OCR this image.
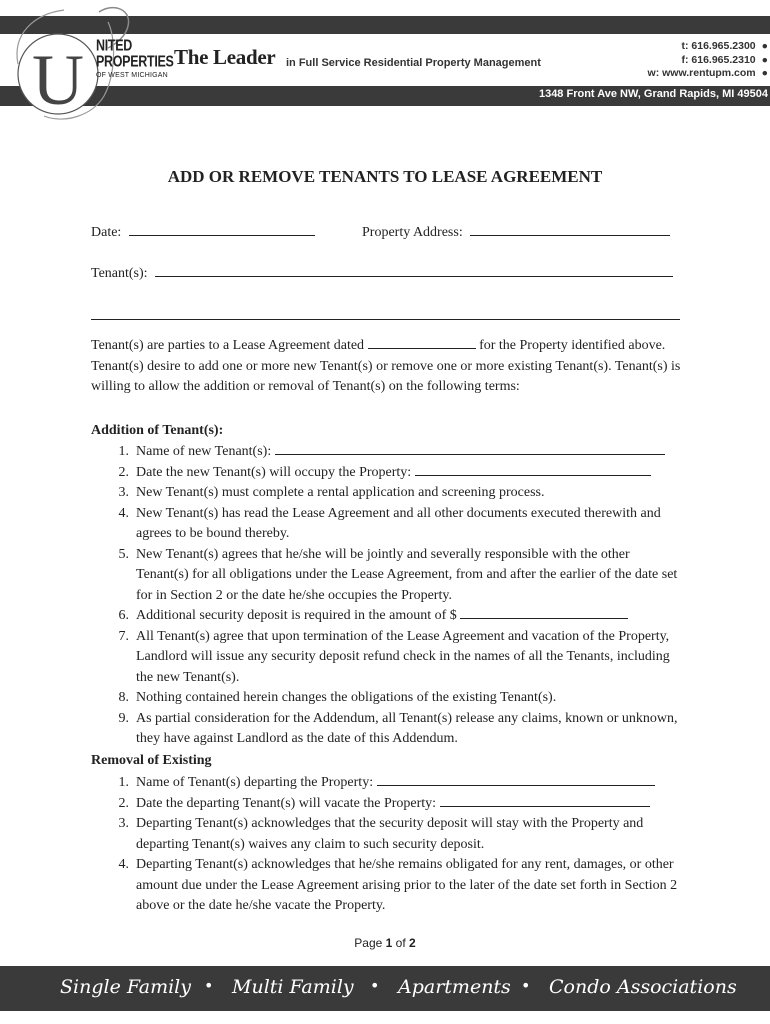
1348 Front Ave NW, Grand Rapids, MI 49504
U NITED
PROPERTIES
OF WEST MICHIGAN
The Leader in Full Service Residential Property Management
t: 616.965.2300 ●
f: 616.965.2310 ●
w: www.rentupm.com ●
ADD OR REMOVE TENANTS TO LEASE AGREEMENT
Date:	Property Address:
Tenant(s):

Tenant(s) are parties to a Lease Agreement dated	for the Property identified above. Tenant(s) desire to add one or more new Tenant(s) or remove one or more existing Tenant(s). Tenant(s) is willing to allow the addition or removal of Tenant(s) on the following terms:

Addition of Tenant(s):
1. Name of new Tenant(s):
2. Date the new Tenant(s) will occupy the Property:
3. New Tenant(s) must complete a rental application and screening process.
4. New Tenant(s) has read the Lease Agreement and all other documents executed therewith and agrees to be bound thereby.
5. New Tenant(s) agrees that he/she will be jointly and severally responsible with the other Tenant(s) for all obligations under the Lease Agreement, from and after the earlier of the date set for in Section 2 or the date he/she occupies the Property.
6. Additional security deposit is required in the amount of $
7. All Tenant(s) agree that upon termination of the Lease Agreement and vacation of the Property, Landlord will issue any security deposit refund check in the names of all the Tenants, including the new Tenant(s).
8. Nothing contained herein changes the obligations of the existing Tenant(s).
9. As partial consideration for the Addendum, all Tenant(s) release any claims, known or unknown, they have against Landlord as the date of this Addendum.
Removal of Existing
1. Name of Tenant(s) departing the Property:
2. Date the departing Tenant(s) will vacate the Property:
3. Departing Tenant(s) acknowledges that the security deposit will stay with the Property and departing Tenant(s) waives any claim to such security deposit.
4. Departing Tenant(s) acknowledges that he/she remains obligated for any rent, damages, or other amount due under the Lease Agreement arising prior to the later of the date set forth in Section 2 above or the date he/she vacate the Property.
Page 1 of 2
Single Family • Multi Family • Apartments • Condo Associations
